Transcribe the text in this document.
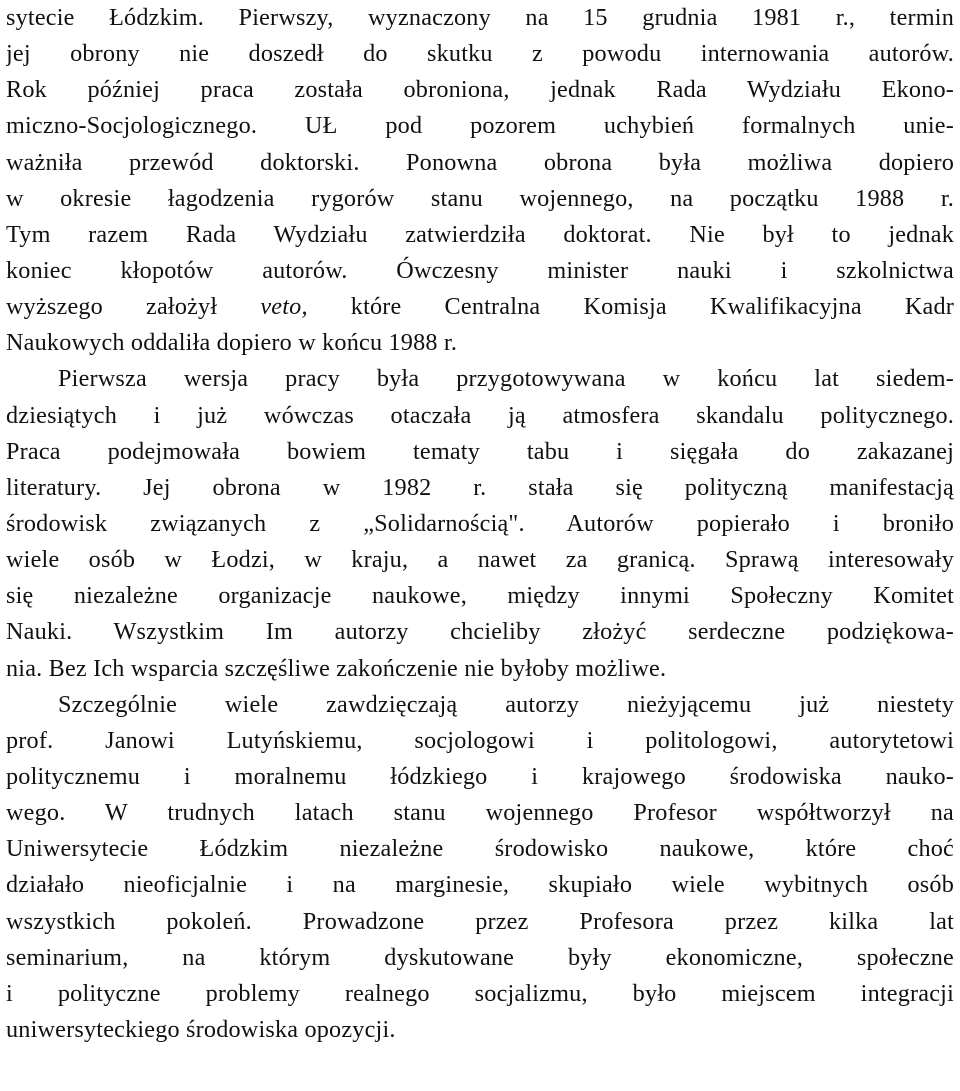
sytecie Łódzkim. Pierwszy, wyznaczony na 15 grudnia 1981 r., termin
jej obrony nie doszedł do skutku z powodu internowania autorów.
Rok później praca została obroniona, jednak Rada Wydziału Ekono-
miczno-Socjologicznego. UŁ pod pozorem uchybień formalnych unie-
ważniła przewód doktorski. Ponowna obrona była możliwa dopiero
w okresie łagodzenia rygorów stanu wojennego, na początku 1988 r.
Tym razem Rada Wydziału zatwierdziła doktorat. Nie był to jednak
koniec kłopotów autorów. Ówczesny minister nauki i szkolnictwa
wyższego założył veto, które Centralna Komisja Kwalifikacyjna Kadr
Naukowych oddaliła dopiero w końcu 1988 r.
Pierwsza wersja pracy była przygotowywana w końcu lat siedem-
dziesiątych i już wówczas otaczała ją atmosfera skandalu politycznego.
Praca podejmowała bowiem tematy tabu i sięgała do zakazanej
literatury. Jej obrona w 1982 r. stała się polityczną manifestacją
środowisk związanych z „Solidarnością". Autorów popierało i broniło
wiele osób w Łodzi, w kraju, a nawet za granicą. Sprawą interesowały
się niezależne organizacje naukowe, między innymi Społeczny Komitet
Nauki. Wszystkim Im autorzy chcieliby złożyć serdeczne podziękowa-
nia. Bez Ich wsparcia szczęśliwe zakończenie nie byłoby możliwe.
Szczególnie wiele zawdzięczają autorzy nieżyjącemu już niestety
prof. Janowi Lutyńskiemu, socjologowi i politologowi, autorytetowi
politycznemu i moralnemu łódzkiego i krajowego środowiska nauko-
wego. W trudnych latach stanu wojennego Profesor współtworzył na
Uniwersytecie Łódzkim niezależne środowisko naukowe, które choć
działało nieoficjalnie i na marginesie, skupiało wiele wybitnych osób
wszystkich pokoleń. Prowadzone przez Profesora przez kilka lat
seminarium, na którym dyskutowane były ekonomiczne, społeczne
i polityczne problemy realnego socjalizmu, było miejscem integracji
uniwersyteckiego środowiska opozycji.
